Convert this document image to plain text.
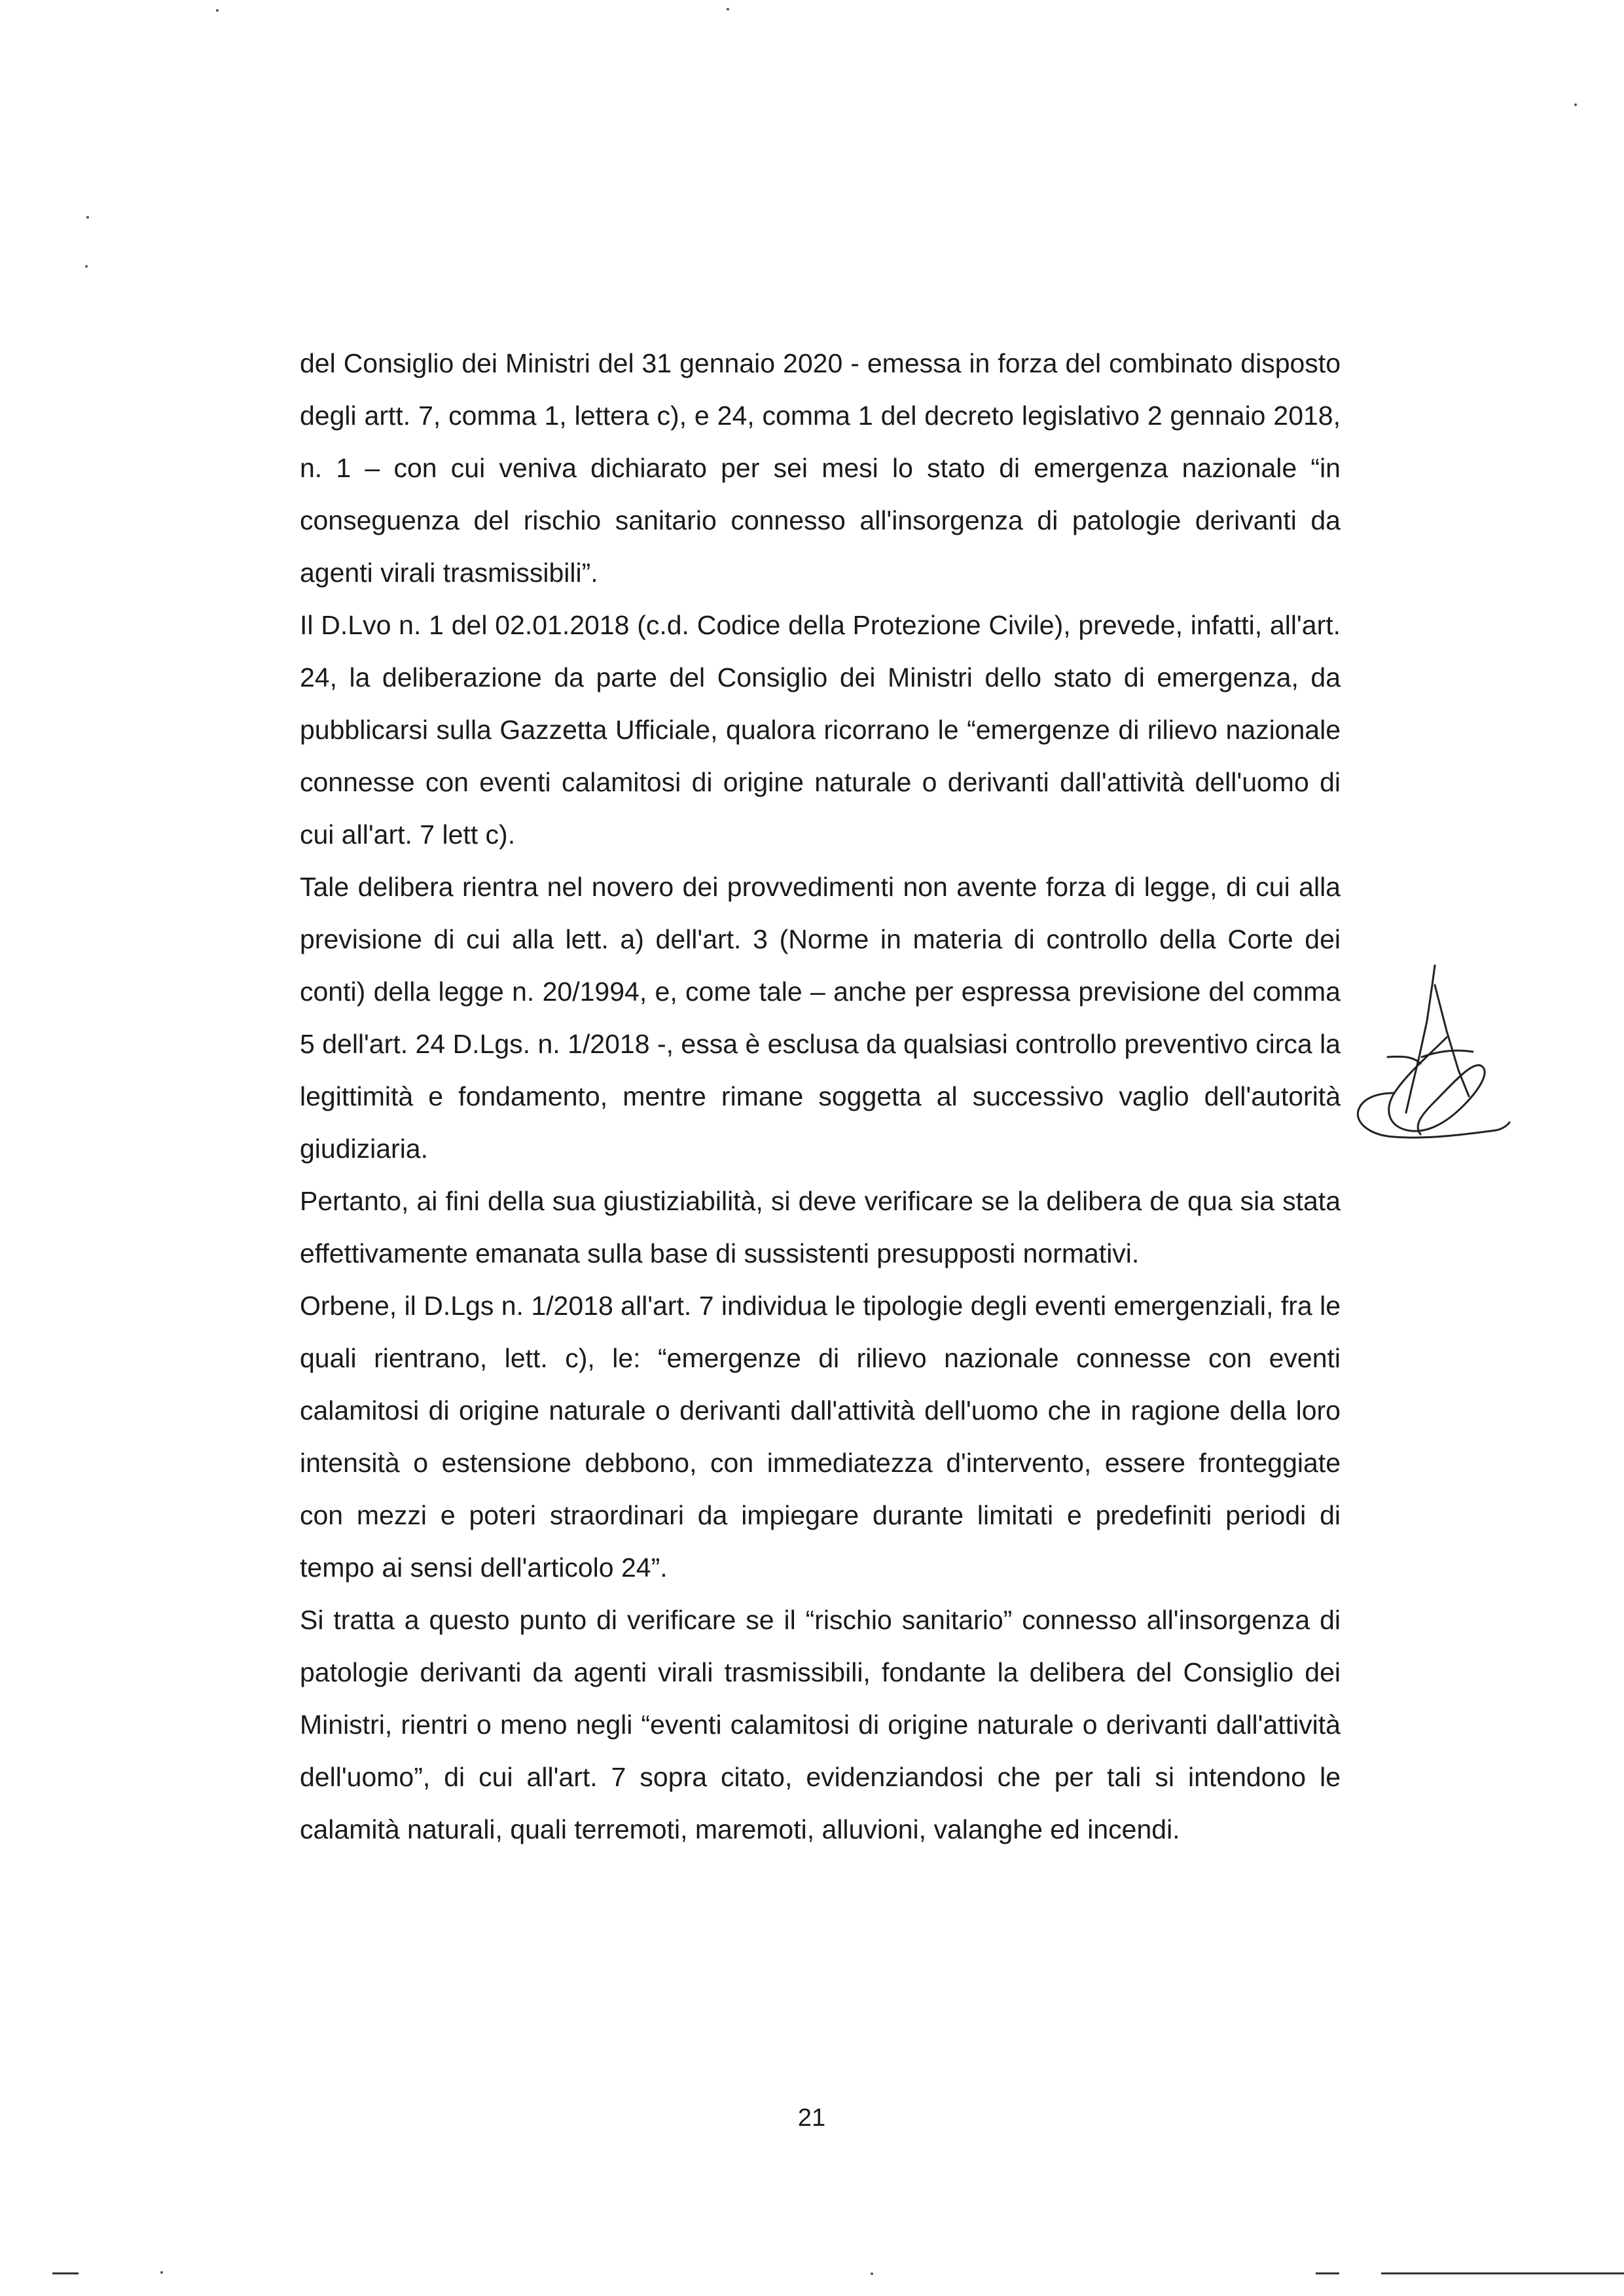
del Consiglio dei Ministri del 31 gennaio 2020 - emessa in forza del combinato disposto degli artt. 7, comma 1, lettera c), e 24, comma 1 del decreto legislativo 2 gennaio 2018, n. 1 – con cui veniva dichiarato per sei mesi lo stato di emergenza nazionale “in conseguenza del rischio sanitario connesso all'insorgenza di patologie derivanti da agenti virali trasmissibili”.

Il D.Lvo n. 1 del 02.01.2018 (c.d. Codice della Protezione Civile), prevede, infatti, all'art. 24, la deliberazione da parte del Consiglio dei Ministri dello stato di emergenza, da pubblicarsi sulla Gazzetta Ufficiale, qualora ricorrano le “emergenze di rilievo nazionale connesse con eventi calamitosi di origine naturale o derivanti dall'attività dell'uomo di cui all'art. 7 lett c).

Tale delibera rientra nel novero dei provvedimenti non avente forza di legge, di cui alla previsione di cui alla lett. a) dell'art. 3 (Norme in materia di controllo della Corte dei conti) della legge n. 20/1994, e, come tale – anche per espressa previsione del comma 5 dell'art. 24 D.Lgs. n. 1/2018 -, essa è esclusa da qualsiasi controllo preventivo circa la legittimità e fondamento, mentre rimane soggetta al successivo vaglio dell'autorità giudiziaria.

Pertanto, ai fini della sua giustiziabilità, si deve verificare se la delibera de qua sia stata effettivamente emanata sulla base di sussistenti presupposti normativi.

Orbene, il D.Lgs n. 1/2018 all'art. 7 individua le tipologie degli eventi emergenziali, fra le quali rientrano, lett. c), le: “emergenze di rilievo nazionale connesse con eventi calamitosi di origine naturale o derivanti dall'attività dell'uomo che in ragione della loro intensità o estensione debbono, con immediatezza d'intervento, essere fronteggiate con mezzi e poteri straordinari da impiegare durante limitati e predefiniti periodi di tempo ai sensi dell'articolo 24”.

Si tratta a questo punto di verificare se il “rischio sanitario” connesso all'insorgenza di patologie derivanti da agenti virali trasmissibili, fondante la delibera del Consiglio dei Ministri, rientri o meno negli “eventi calamitosi di origine naturale o derivanti dall'attività dell'uomo”, di cui all'art. 7 sopra citato, evidenziandosi che per tali si intendono le calamità naturali, quali terremoti, maremoti, alluvioni, valanghe ed incendi.

21
